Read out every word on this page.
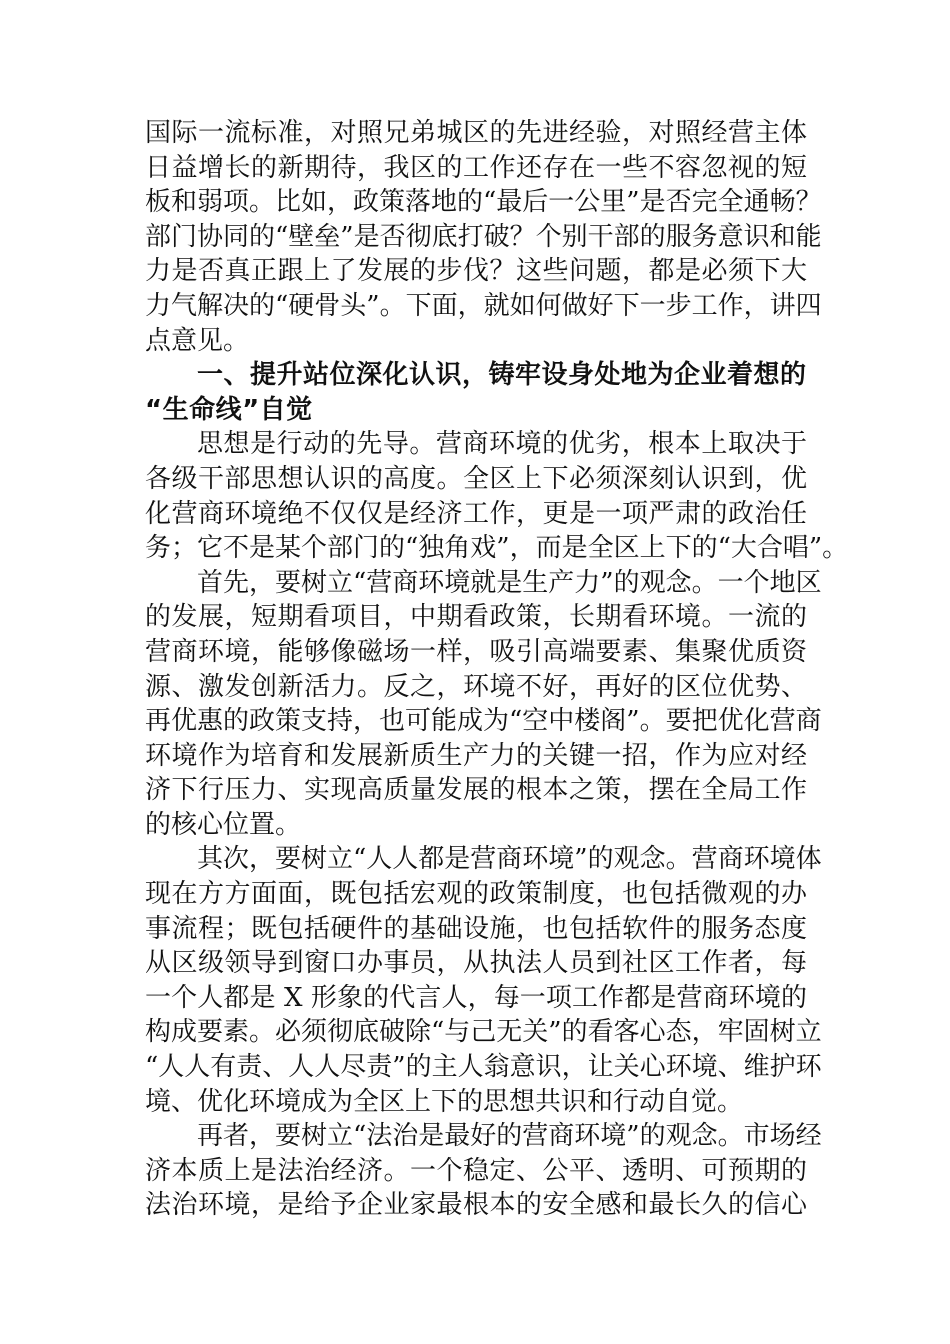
国际一流标准，对照兄弟城区的先进经验，对照经营主体
日益增长的新期待，我区的工作还存在一些不容忽视的短
板和弱项。比如，政策落地的“最后一公里”是否完全通畅？
部门协同的“壁垒”是否彻底打破？个别干部的服务意识和能
力是否真正跟上了发展的步伐？这些问题，都是必须下大
力气解决的“硬骨头”。下面，就如何做好下一步工作，讲四
点意见。
一、提升站位深化认识，铸牢设身处地为企业着想的
“生命线”自觉
思想是行动的先导。营商环境的优劣，根本上取决于
各级干部思想认识的高度。全区上下必须深刻认识到，优
化营商环境绝不仅仅是经济工作，更是一项严肃的政治任
务；它不是某个部门的“独角戏”，而是全区上下的“大合唱”。
首先，要树立“营商环境就是生产力”的观念。一个地区
的发展，短期看项目，中期看政策，长期看环境。一流的
营商环境，能够像磁场一样，吸引高端要素、集聚优质资
源、激发创新活力。反之，环境不好，再好的区位优势、
再优惠的政策支持，也可能成为“空中楼阁”。要把优化营商
环境作为培育和发展新质生产力的关键一招，作为应对经
济下行压力、实现高质量发展的根本之策，摆在全局工作
的核心位置。
其次，要树立“人人都是营商环境”的观念。营商环境体
现在方方面面，既包括宏观的政策制度，也包括微观的办
事流程；既包括硬件的基础设施，也包括软件的服务态度
从区级领导到窗口办事员，从执法人员到社区工作者，每
一个人都是 X 形象的代言人，每一项工作都是营商环境的
构成要素。必须彻底破除“与己无关”的看客心态，牢固树立
“人人有责、人人尽责”的主人翁意识，让关心环境、维护环
境、优化环境成为全区上下的思想共识和行动自觉。
再者，要树立“法治是最好的营商环境”的观念。市场经
济本质上是法治经济。一个稳定、公平、透明、可预期的
法治环境，是给予企业家最根本的安全感和最长久的信心
